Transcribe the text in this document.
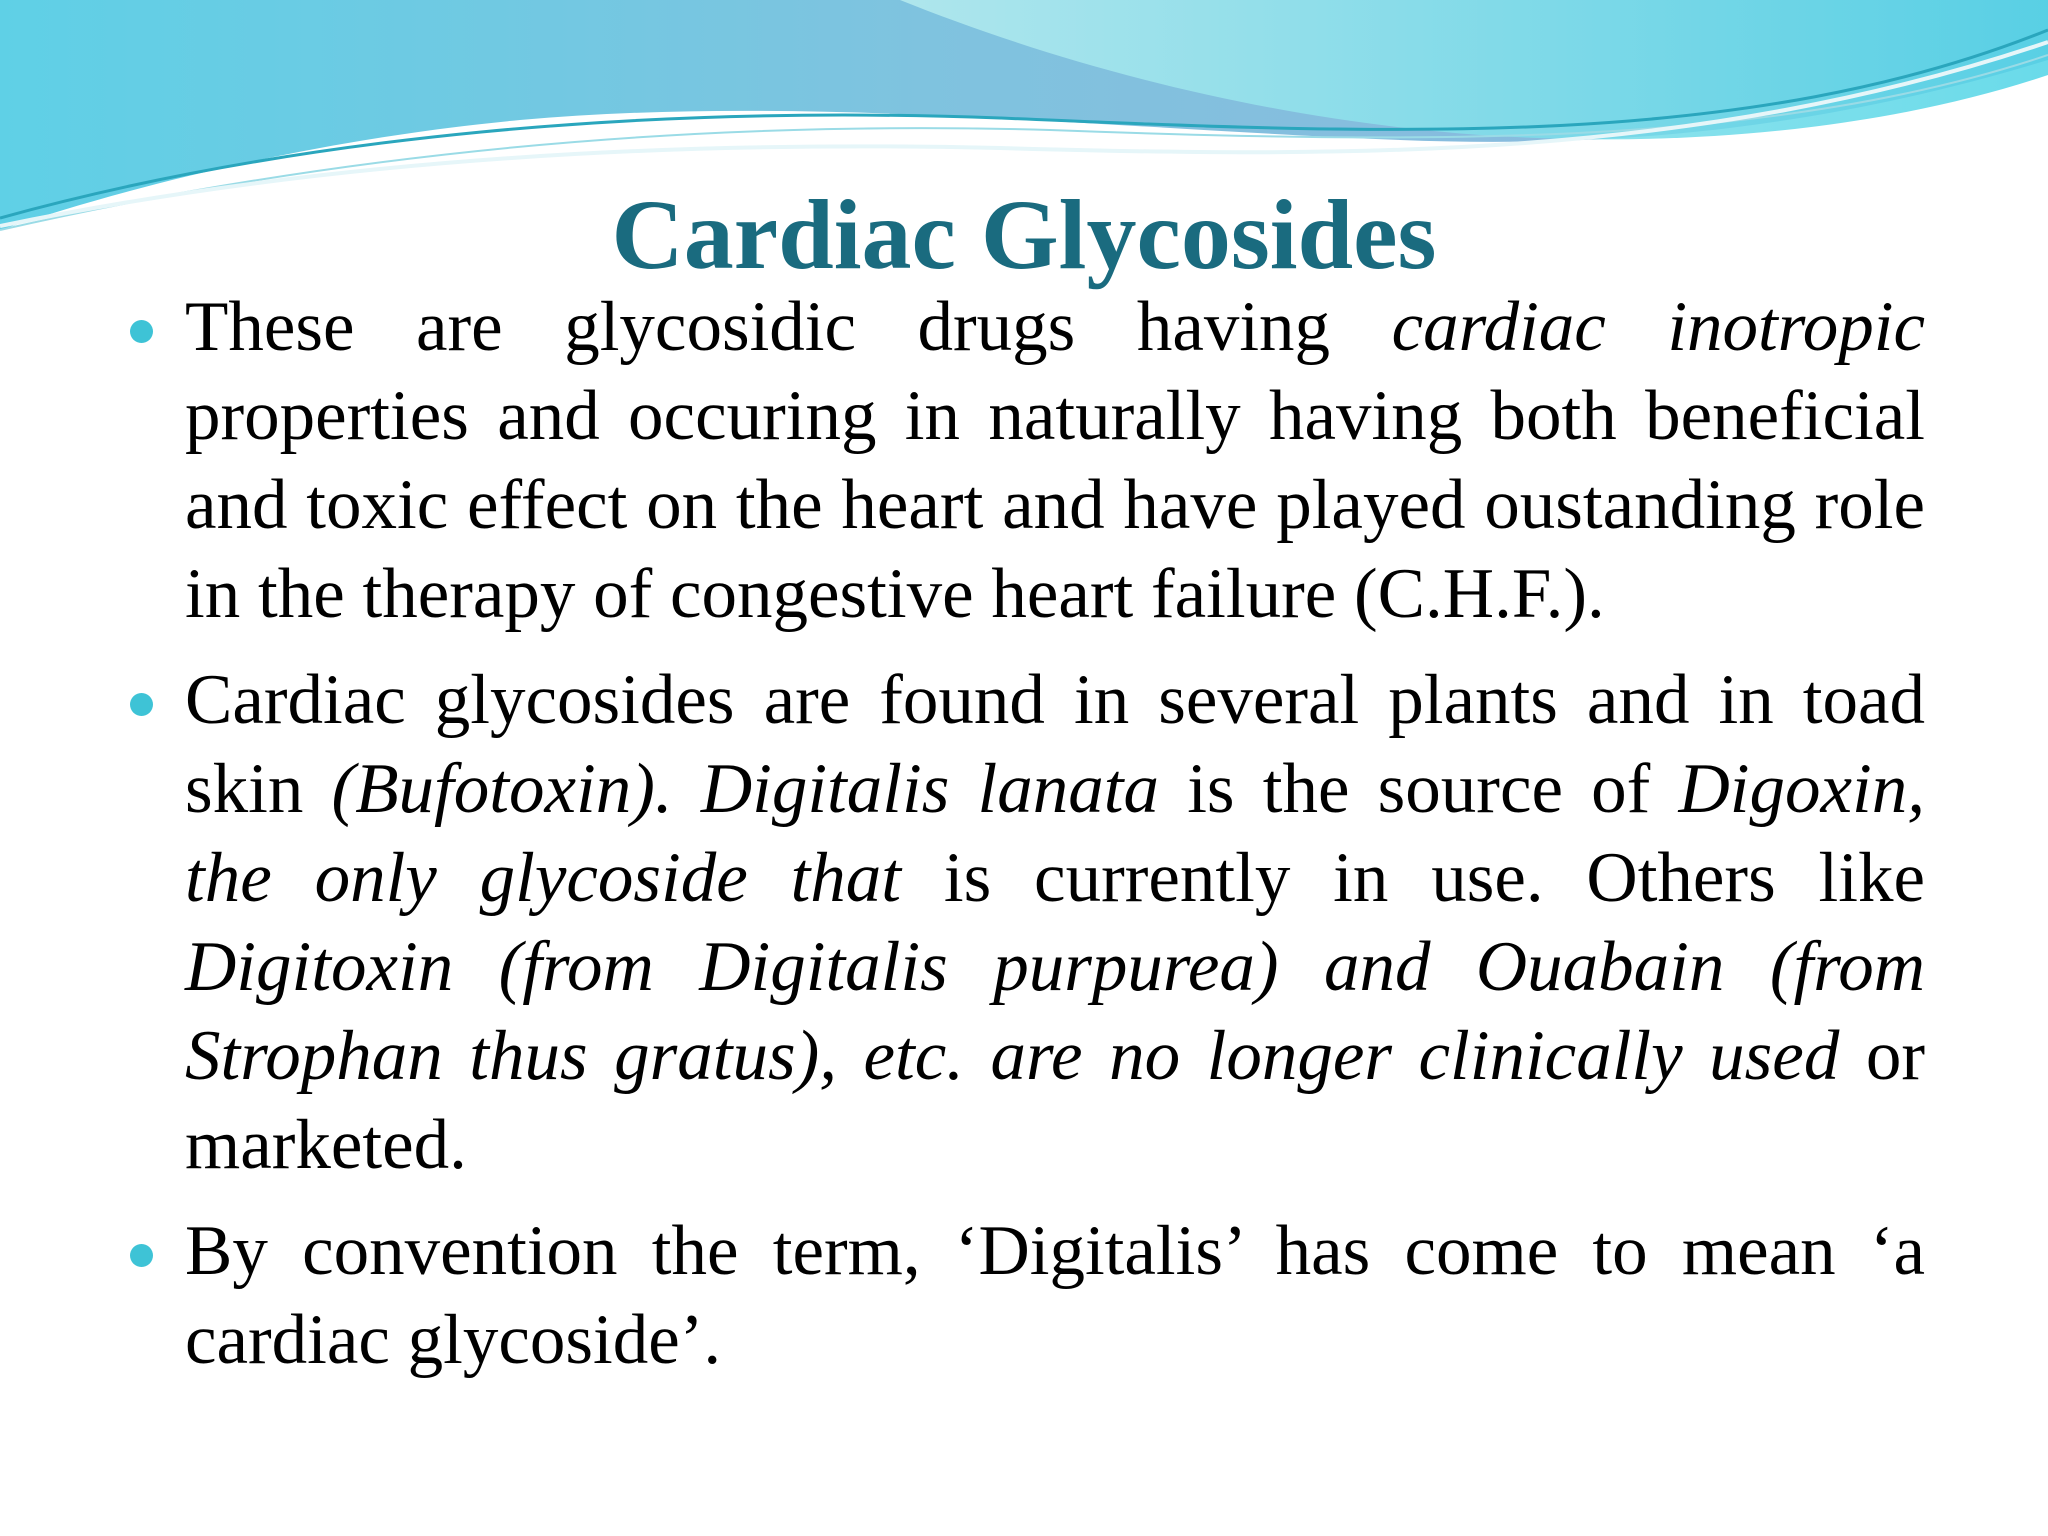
Cardiac Glycosides
These are glycosidic drugs having cardiac inotropic properties and occuring in naturally having both beneficial and toxic effect on the heart and have played oustanding role in the therapy of congestive heart failure (C.H.F.).
Cardiac glycosides are found in several plants and in toad skin (Bufotoxin). Digitalis lanata is the source of Digoxin, the only glycoside that is currently in use. Others like Digitoxin (from Digitalis purpurea) and Ouabain (from Strophan thus gratus), etc. are no longer clinically used or marketed.
By convention the term, ‘Digitalis’ has come to mean ‘a cardiac glycoside’.
